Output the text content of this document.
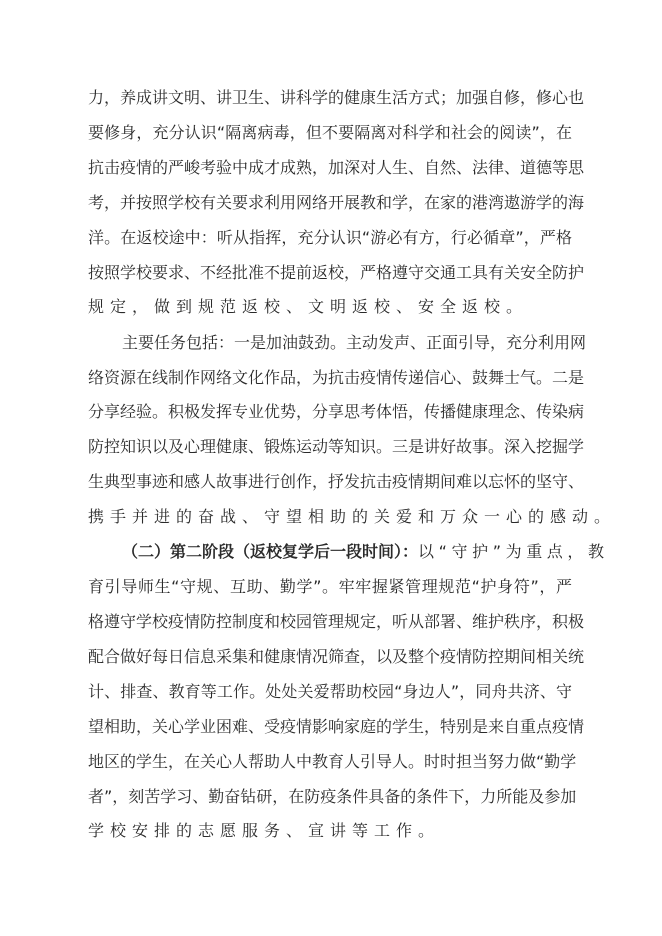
力，养成讲文明、讲卫生、讲科学的健康生活方式；加强自修，修心也
要修身，充分认识“隔离病毒，但不要隔离对科学和社会的阅读”，在
抗击疫情的严峻考验中成才成熟，加深对人生、自然、法律、道德等思
考，并按照学校有关要求利用网络开展教和学，在家的港湾遨游学的海
洋。在返校途中：听从指挥，充分认识“游必有方，行必循章”，严格
按照学校要求、不经批准不提前返校，严格遵守交通工具有关安全防护
规定，做到规范返校、文明返校、安全返校。
主要任务包括：一是加油鼓劲。主动发声、正面引导，充分利用网
络资源在线制作网络文化作品，为抗击疫情传递信心、鼓舞士气。二是
分享经验。积极发挥专业优势，分享思考体悟，传播健康理念、传染病
防控知识以及心理健康、锻炼运动等知识。三是讲好故事。深入挖掘学
生典型事迹和感人故事进行创作，抒发抗击疫情期间难以忘怀的坚守、
携手并进的奋战、守望相助的关爱和万众一心的感动。
（二）第二阶段（返校复学后一段时间）： 以“守护”为重点，教
育引导师生“守规、互助、勤学”。牢牢握紧管理规范“护身符”，严
格遵守学校疫情防控制度和校园管理规定，听从部署、维护秩序，积极
配合做好每日信息采集和健康情况筛查，以及整个疫情防控期间相关统
计、排查、教育等工作。处处关爱帮助校园“身边人”，同舟共济、守
望相助，关心学业困难、受疫情影响家庭的学生，特别是来自重点疫情
地区的学生，在关心人帮助人中教育人引导人。时时担当努力做“勤学
者”，刻苦学习、勤奋钻研，在防疫条件具备的条件下，力所能及参加
学校安排的志愿服务、宣讲等工作。
